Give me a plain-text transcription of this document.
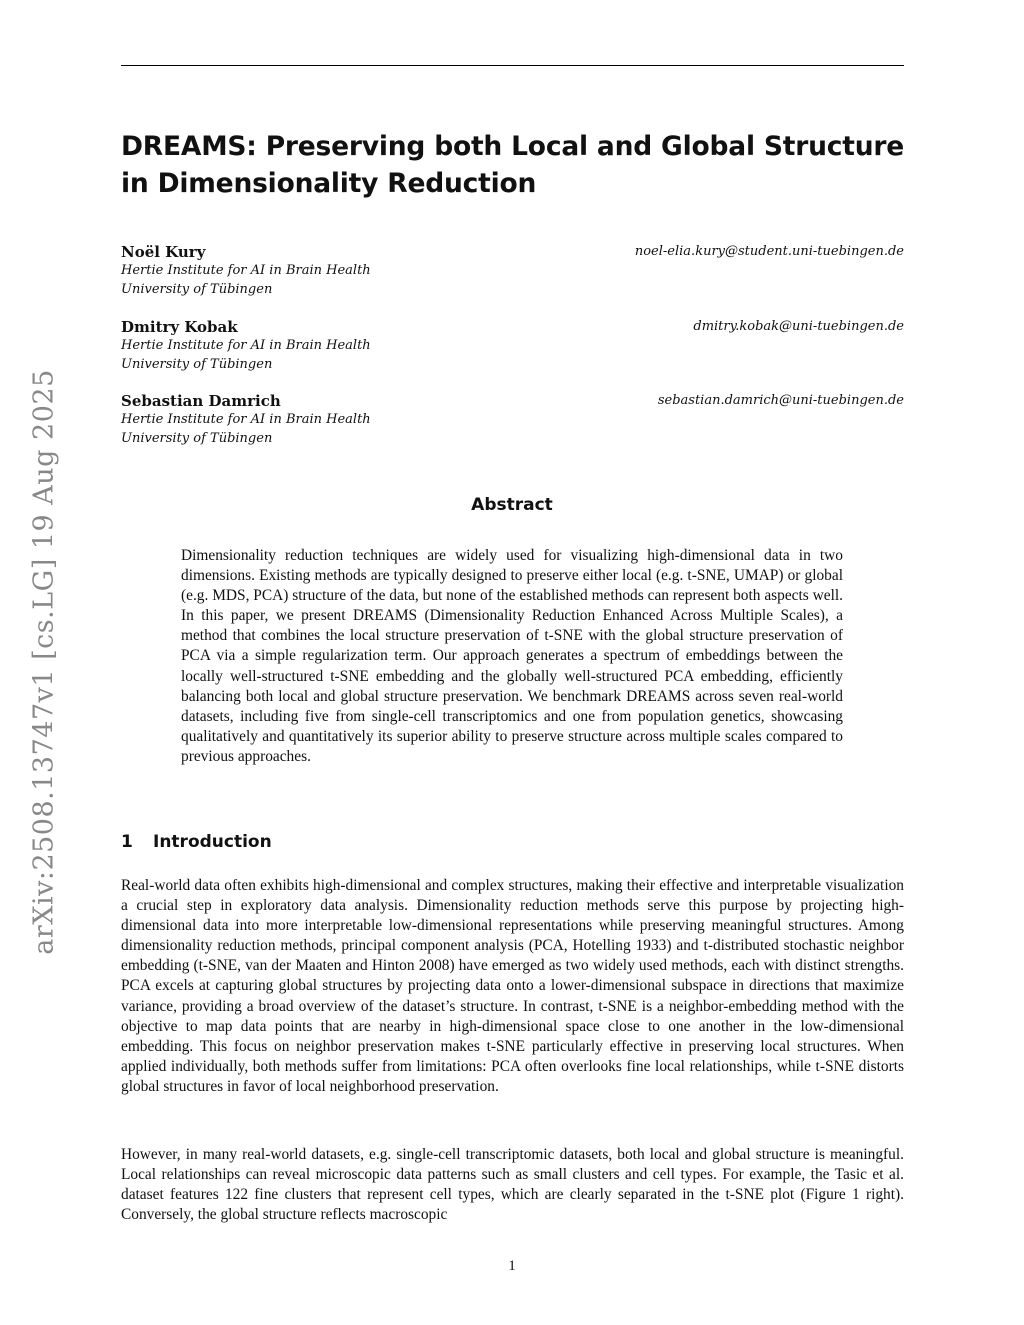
arXiv:2508.13747v1 [cs.LG] 19 Aug 2025
DREAMS: Preserving both Local and Global Structure in Dimensionality Reduction
Noël Kury
Hertie Institute for AI in Brain Health
University of Tübingen
noel-elia.kury@student.uni-tuebingen.de
Dmitry Kobak
Hertie Institute for AI in Brain Health
University of Tübingen
dmitry.kobak@uni-tuebingen.de
Sebastian Damrich
Hertie Institute for AI in Brain Health
University of Tübingen
sebastian.damrich@uni-tuebingen.de
Abstract

Dimensionality reduction techniques are widely used for visualizing high-dimensional data in two dimensions. Existing methods are typically designed to preserve either local (e.g. t-SNE, UMAP) or global (e.g. MDS, PCA) structure of the data, but none of the established methods can represent both aspects well. In this paper, we present DREAMS (Dimensionality Reduction Enhanced Across Multiple Scales), a method that combines the local structure preservation of t-SNE with the global structure preservation of PCA via a simple regularization term. Our approach generates a spectrum of embeddings between the locally well-structured t-SNE embedding and the globally well-structured PCA embedding, efficiently balancing both local and global structure preservation. We benchmark DREAMS across seven real-world datasets, including five from single-cell transcriptomics and one from population genetics, showcasing qualitatively and quantitatively its superior ability to preserve structure across multiple scales compared to previous approaches.

1 Introduction

Real-world data often exhibits high-dimensional and complex structures, making their effective and interpretable visualization a crucial step in exploratory data analysis. Dimensionality reduction methods serve this purpose by projecting high-dimensional data into more interpretable low-dimensional representations while preserving meaningful structures. Among dimensionality reduction methods, principal component analysis (PCA, Hotelling 1933) and t-distributed stochastic neighbor embedding (t-SNE, van der Maaten and Hinton 2008) have emerged as two widely used methods, each with distinct strengths. PCA excels at capturing global structures by projecting data onto a lower-dimensional subspace in directions that maximize variance, providing a broad overview of the dataset’s structure. In contrast, t-SNE is a neighbor-embedding method with the objective to map data points that are nearby in high-dimensional space close to one another in the low-dimensional embedding. This focus on neighbor preservation makes t-SNE particularly effective in preserving local structures. When applied individually, both methods suffer from limitations: PCA often overlooks fine local relationships, while t-SNE distorts global structures in favor of local neighborhood preservation.

However, in many real-world datasets, e.g. single-cell transcriptomic datasets, both local and global structure is meaningful. Local relationships can reveal microscopic data patterns such as small clusters and cell types. For example, the Tasic et al. dataset features 122 fine clusters that represent cell types, which are clearly separated in the t-SNE plot (Figure 1 right). Conversely, the global structure reflects macroscopic

1
